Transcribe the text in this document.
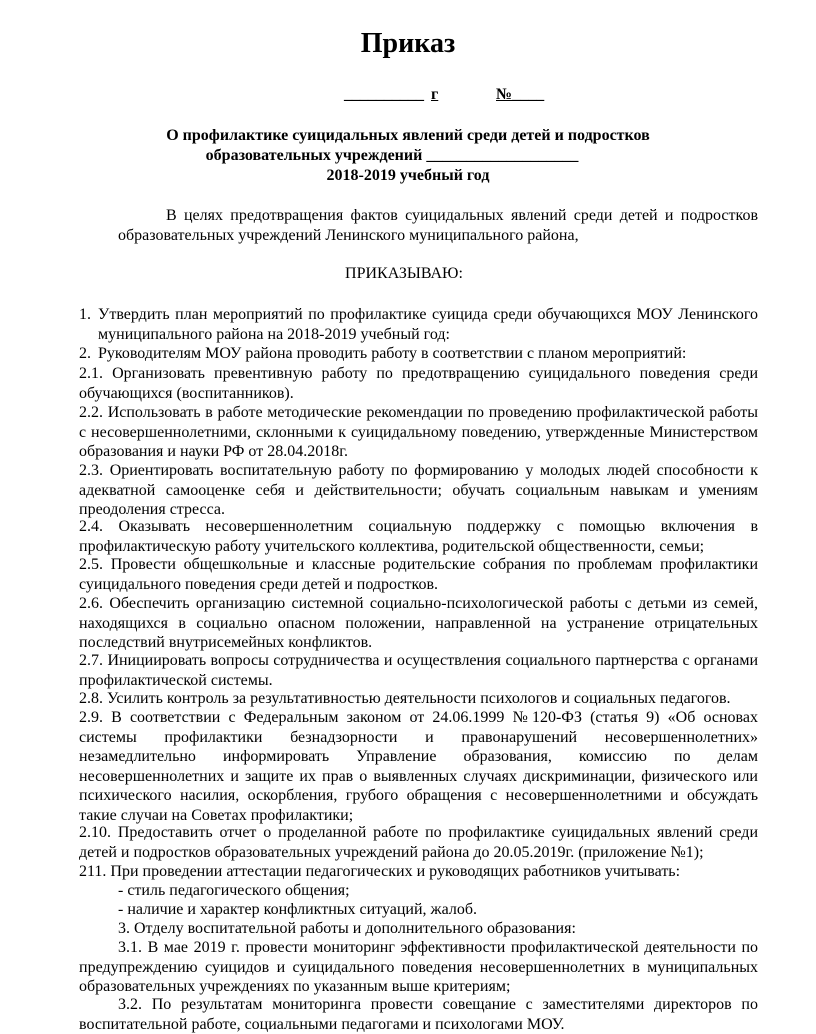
Приказ
__________ г	№____
О профилактике суицидальных явлений среди детей и подростков
образовательных учреждений ___________________
2018-2019 учебный год
В целях предотвращения фактов суицидальных явлений среди детей и подростков образовательных учреждений Ленинского муниципального района,
ПРИКАЗЫВАЮ:
1. Утвердить план мероприятий по профилактике суицида среди обучающихся МОУ Ленинского муниципального района на 2018-2019 учебный год:
2. Руководителям МОУ района проводить работу в соответствии с планом мероприятий:
2.1. Организовать превентивную работу по предотвращению суицидального поведения среди обучающихся (воспитанников).
2.2. Использовать в работе методические рекомендации по проведению профилактической работы с несовершеннолетними, склонными к суицидальному поведению, утвержденные Министерством образования и науки РФ от 28.04.2018г.
2.3. Ориентировать воспитательную работу по формированию у молодых людей способности к адекватной самооценке себя и действительности; обучать социальным навыкам и умениям преодоления стресса.
2.4. Оказывать несовершеннолетним социальную поддержку с помощью включения в профилактическую работу учительского коллектива, родительской общественности, семьи;
2.5. Провести общешкольные и классные родительские собрания по проблемам профилактики суицидального поведения среди детей и подростков.
2.6. Обеспечить организацию системной социально-психологической работы с детьми из семей, находящихся в социально опасном положении, направленной на устранение отрицательных последствий внутрисемейных конфликтов.
2.7. Инициировать вопросы сотрудничества и осуществления социального партнерства с органами профилактической системы.
2.8. Усилить контроль за результативностью деятельности психологов и социальных педагогов.
2.9. В соответствии с Федеральным законом от 24.06.1999 №120-ФЗ (статья 9) «Об основах системы профилактики безнадзорности и правонарушений несовершеннолетних» незамедлительно информировать Управление образования, комиссию по делам несовершеннолетних и защите их прав о выявленных случаях дискриминации, физического или психического насилия, оскорбления, грубого обращения с несовершеннолетними и обсуждать такие случаи на Советах профилактики;
2.10. Предоставить отчет о проделанной работе по профилактике суицидальных явлений среди детей и подростков образовательных учреждений района до 20.05.2019г. (приложение №1);
211. При проведении аттестации педагогических и руководящих работников учитывать:
- стиль педагогического общения;
- наличие и характер конфликтных ситуаций, жалоб.
3. Отделу воспитательной работы и дополнительного образования:
3.1. В мае 2019 г. провести мониторинг эффективности профилактической деятельности по предупреждению суицидов и суицидального поведения несовершеннолетних в муниципальных образовательных учреждениях по указанным выше критериям;
3.2. По результатам мониторинга провести совещание с заместителями директоров по воспитательной работе, социальными педагогами и психологами МОУ.
